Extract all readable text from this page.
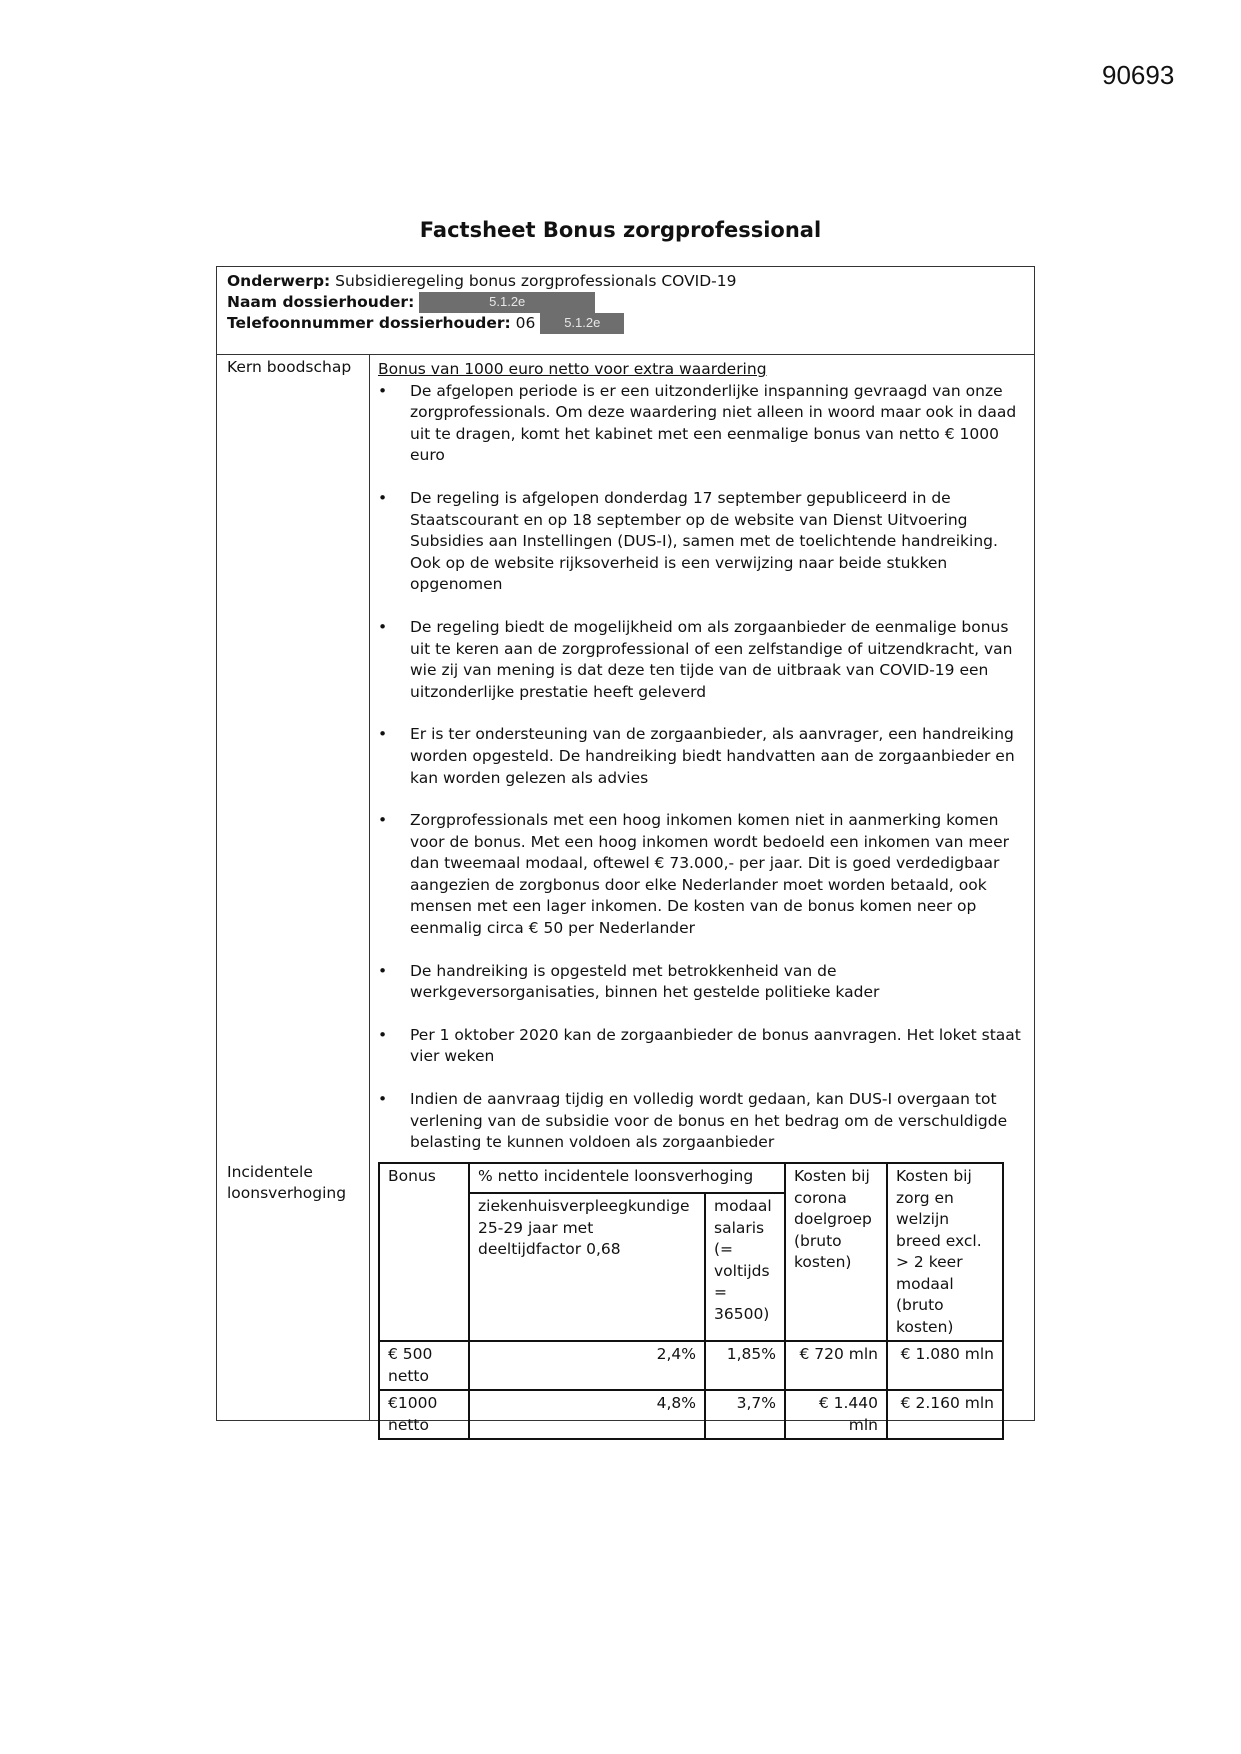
90693
Factsheet Bonus zorgprofessional
Onderwerp: Subsidieregeling bonus zorgprofessionals COVID-19
Naam dossierhouder:	5.1.2e
Telefoonnummer dossierhouder: 06 5.1.2e
Kern boodschap
Incidentele loonsverhoging

Bonus van 1000 euro netto voor extra waardering

• De afgelopen periode is er een uitzonderlijke inspanning gevraagd van onze zorgprofessionals. Om deze waardering niet alleen in woord maar ook in daad uit te dragen, komt het kabinet met een eenmalige bonus van netto € 1000 euro
• De regeling is afgelopen donderdag 17 september gepubliceerd in de Staatscourant en op 18 september op de website van Dienst Uitvoering Subsidies aan Instellingen (DUS-I), samen met de toelichtende handreiking. Ook op de website rijksoverheid is een verwijzing naar beide stukken opgenomen
• De regeling biedt de mogelijkheid om als zorgaanbieder de eenmalige bonus uit te keren aan de zorgprofessional of een zelfstandige of uitzendkracht, van wie zij van mening is dat deze ten tijde van de uitbraak van COVID-19 een uitzonderlijke prestatie heeft geleverd
• Er is ter ondersteuning van de zorgaanbieder, als aanvrager, een handreiking worden opgesteld. De handreiking biedt handvatten aan de zorgaanbieder en kan worden gelezen als advies
• Zorgprofessionals met een hoog inkomen komen niet in aanmerking komen voor de bonus. Met een hoog inkomen wordt bedoeld een inkomen van meer dan tweemaal modaal, oftewel € 73.000,- per jaar. Dit is goed verdedigbaar aangezien de zorgbonus door elke Nederlander moet worden betaald, ook mensen met een lager inkomen. De kosten van de bonus komen neer op eenmalig circa € 50 per Nederlander
• De handreiking is opgesteld met betrokkenheid van de werkgeversorganisaties, binnen het gestelde politieke kader
• Per 1 oktober 2020 kan de zorgaanbieder de bonus aanvragen. Het loket staat vier weken
• Indien de aanvraag tijdig en volledig wordt gedaan, kan DUS-I overgaan tot verlening van de subsidie voor de bonus en het bedrag om de verschuldigde belasting te kunnen voldoen als zorgaanbieder
Bonus	% netto incidentele loonsverhoging		Kosten bij corona doelgroep (bruto kosten)	Kosten bij zorg en welzijn breed excl. > 2 keer modaal (bruto kosten)
	ziekenhuisverpleegkundige 25-29 jaar met deeltijdfactor 0,68	modaal salaris (= voltijds = 36500)		
€ 500 netto	2,4%	1,85%	€ 720 mln	€ 1.080 mln
€1000 netto	4,8%	3,7%	€ 1.440 mln	€ 2.160 mln
